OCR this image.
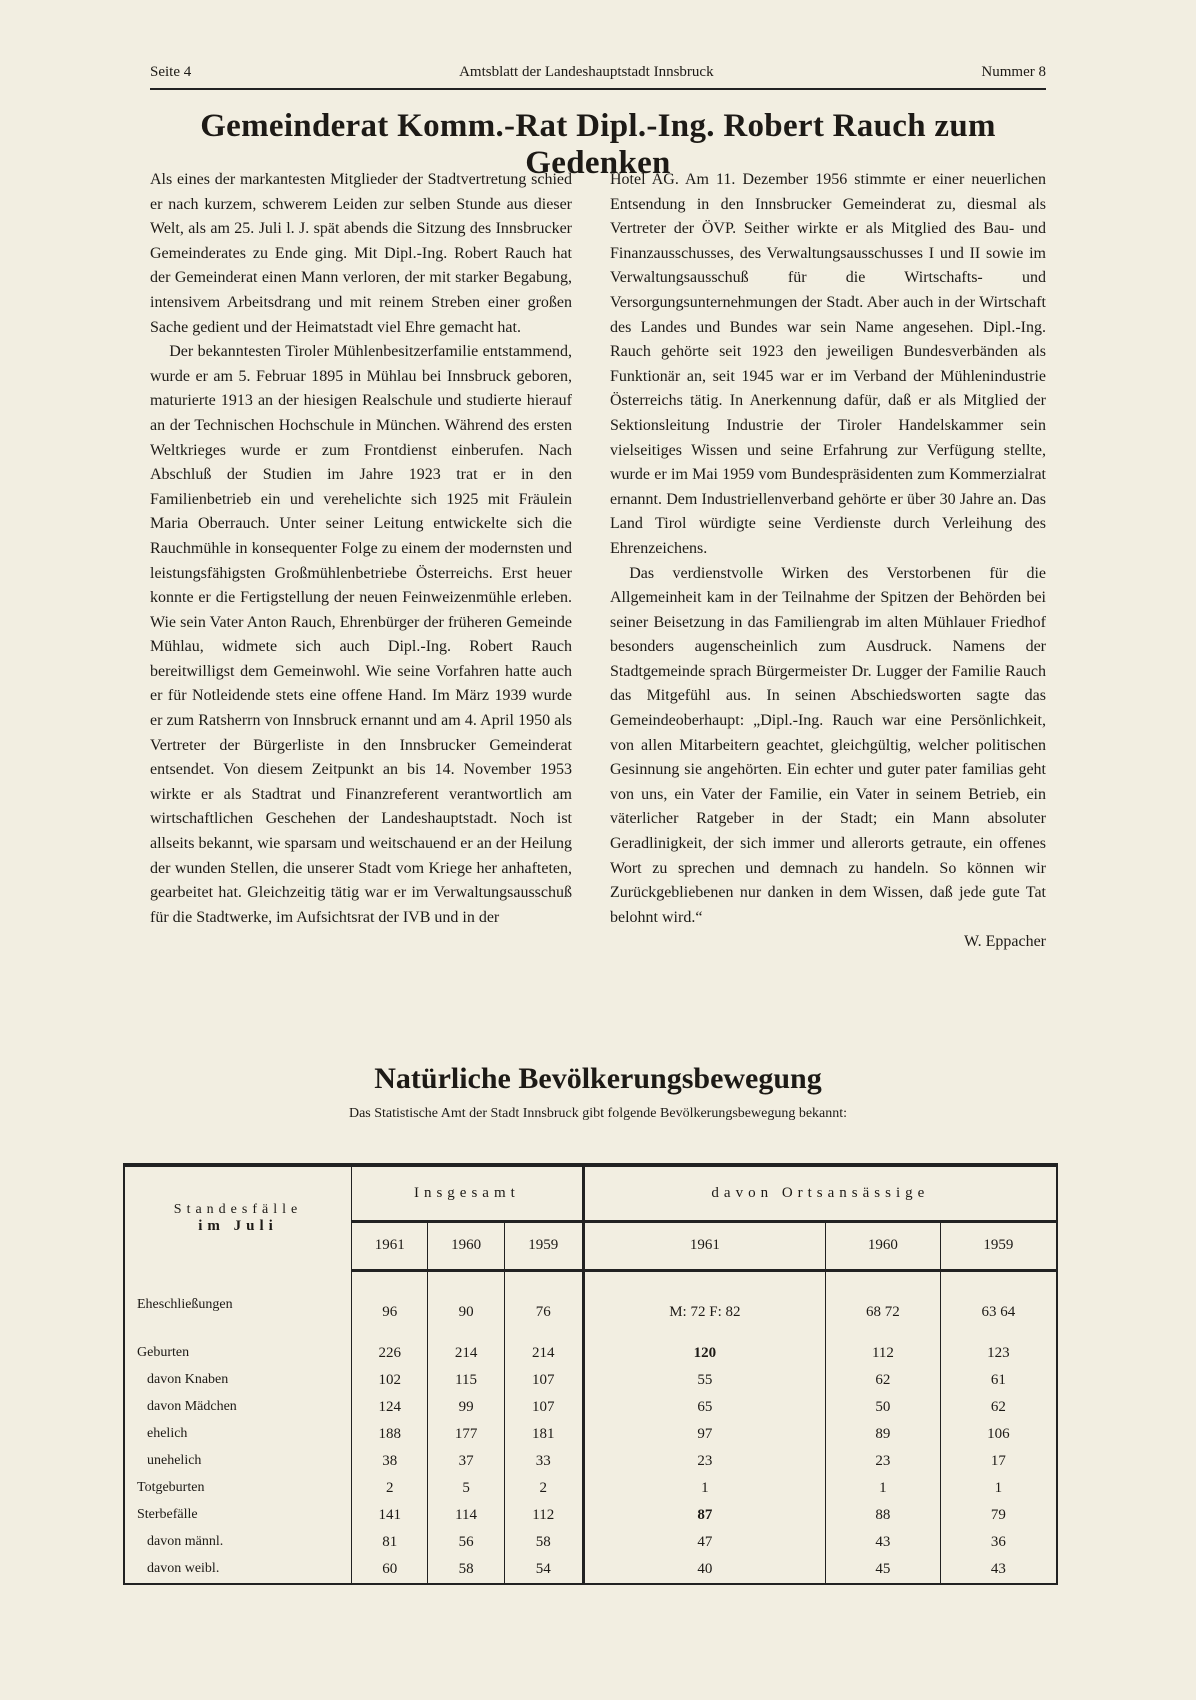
Seite 4	Amtsblatt der Landeshauptstadt Innsbruck	Nummer 8
Gemeinderat Komm.-Rat Dipl.-Ing. Robert Rauch zum Gedenken

Als eines der markantesten Mitglieder der Stadtvertretung schied er nach kurzem, schwerem Leiden zur selben Stunde aus dieser Welt, als am 25. Juli l. J. spät abends die Sitzung des Innsbrucker Gemeinderates zu Ende ging. Mit Dipl.-Ing. Robert Rauch hat der Gemeinderat einen Mann verloren, der mit starker Begabung, intensivem Arbeitsdrang und mit reinem Streben einer großen Sache gedient und der Heimatstadt viel Ehre gemacht hat.

Der bekanntesten Tiroler Mühlenbesitzerfamilie entstammend, wurde er am 5. Februar 1895 in Mühlau bei Innsbruck geboren, maturierte 1913 an der hiesigen Realschule und studierte hierauf an der Technischen Hochschule in München. Während des ersten Weltkrieges wurde er zum Frontdienst einberufen. Nach Abschluß der Studien im Jahre 1923 trat er in den Familienbetrieb ein und verehelichte sich 1925 mit Fräulein Maria Oberrauch. Unter seiner Leitung entwickelte sich die Rauchmühle in konsequenter Folge zu einem der modernsten und leistungsfähigsten Großmühlenbetriebe Österreichs. Erst heuer konnte er die Fertigstellung der neuen Feinweizenmühle erleben. Wie sein Vater Anton Rauch, Ehrenbürger der früheren Gemeinde Mühlau, widmete sich auch Dipl.-Ing. Robert Rauch bereitwilligst dem Gemeinwohl. Wie seine Vorfahren hatte auch er für Notleidende stets eine offene Hand. Im März 1939 wurde er zum Ratsherrn von Innsbruck ernannt und am 4. April 1950 als Vertreter der Bürgerliste in den Innsbrucker Gemeinderat entsendet. Von diesem Zeitpunkt an bis 14. November 1953 wirkte er als Stadtrat und Finanzreferent verantwortlich am wirtschaftlichen Geschehen der Landeshauptstadt. Noch ist allseits bekannt, wie sparsam und weitschauend er an der Heilung der wunden Stellen, die unserer Stadt vom Kriege her anhafteten, gearbeitet hat. Gleichzeitig tätig war er im Verwaltungsausschuß für die Stadtwerke, im Aufsichtsrat der IVB und in der

Hotel AG. Am 11. Dezember 1956 stimmte er einer neuerlichen Entsendung in den Innsbrucker Gemeinderat zu, diesmal als Vertreter der ÖVP. Seither wirkte er als Mitglied des Bau- und Finanzausschusses, des Verwaltungsausschusses I und II sowie im Verwaltungsausschuß für die Wirtschafts- und Versorgungsunternehmungen der Stadt. Aber auch in der Wirtschaft des Landes und Bundes war sein Name angesehen. Dipl.-Ing. Rauch gehörte seit 1923 den jeweiligen Bundesverbänden als Funktionär an, seit 1945 war er im Verband der Mühlenindustrie Österreichs tätig. In Anerkennung dafür, daß er als Mitglied der Sektionsleitung Industrie der Tiroler Handelskammer sein vielseitiges Wissen und seine Erfahrung zur Verfügung stellte, wurde er im Mai 1959 vom Bundespräsidenten zum Kommerzialrat ernannt. Dem Industriellenverband gehörte er über 30 Jahre an. Das Land Tirol würdigte seine Verdienste durch Verleihung des Ehrenzeichens.

Das verdienstvolle Wirken des Verstorbenen für die Allgemeinheit kam in der Teilnahme der Spitzen der Behörden bei seiner Beisetzung in das Familiengrab im alten Mühlauer Friedhof besonders augenscheinlich zum Ausdruck. Namens der Stadtgemeinde sprach Bürgermeister Dr. Lugger der Familie Rauch das Mitgefühl aus. In seinen Abschiedsworten sagte das Gemeindeoberhaupt: „Dipl.-Ing. Rauch war eine Persönlichkeit, von allen Mitarbeitern geachtet, gleichgültig, welcher politischen Gesinnung sie angehörten. Ein echter und guter pater familias geht von uns, ein Vater der Familie, ein Vater in seinem Betrieb, ein väterlicher Ratgeber in der Stadt; ein Mann absoluter Geradlinigkeit, der sich immer und allerorts getraute, ein offenes Wort zu sprechen und demnach zu handeln. So können wir Zurückgebliebenen nur danken in dem Wissen, daß jede gute Tat belohnt wird.“

W. Eppacher
Natürliche Bevölkerungsbewegung
Das Statistische Amt der Stadt Innsbruck gibt folgende Bevölkerungsbewegung bekannt:
Standesfälle
im Juli	Insgesamt			davon Ortsansässige		
	1961	1960	1959	1961	1960	1959
Eheschließungen	96	90	76	M: 72 F: 82	68 72	63 64
Geburten	226	214	214	120	112	123
davon Knaben	102	115	107	55	62	61
davon Mädchen	124	99	107	65	50	62
ehelich	188	177	181	97	89	106
unehelich	38	37	33	23	23	17
Totgeburten	2	5	2	1	1	1
Sterbefälle	141	114	112	87	88	79
davon männl.	81	56	58	47	43	36
davon weibl.	60	58	54	40	45	43
